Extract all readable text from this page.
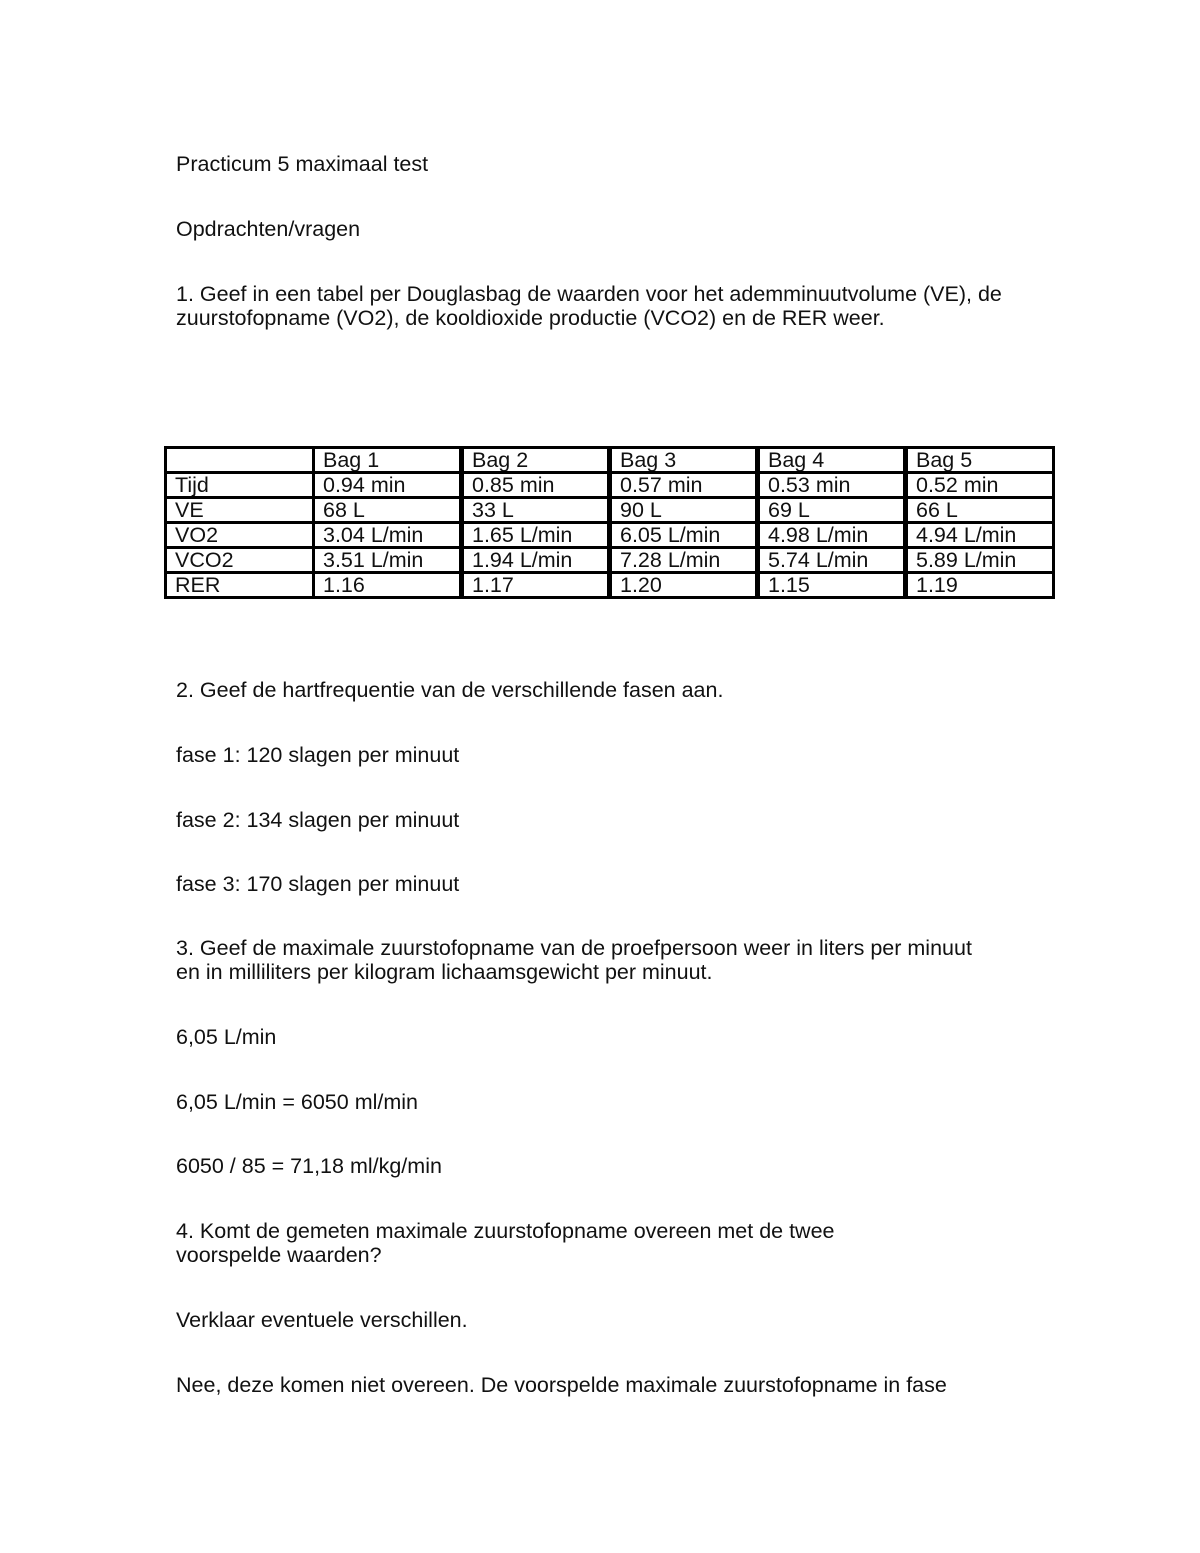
Practicum 5 maximaal test

Opdrachten/vragen

1. Geef in een tabel per Douglasbag de waarden voor het ademminuutvolume (VE), de zuurstofopname (VO2), de kooldioxide productie (VCO2) en de RER weer.

	Bag 1	Bag 2	Bag 3	Bag 4	Bag 5
Tijd	0.94 min	0.85 min	0.57 min	0.53 min	0.52 min
VE	68 L	33 L	90 L	69 L	66 L
VO2	3.04 L/min	1.65 L/min	6.05 L/min	4.98 L/min	4.94 L/min
VCO2	3.51 L/min	1.94 L/min	7.28 L/min	5.74 L/min	5.89 L/min
RER	1.16	1.17	1.20	1.15	1.19

2. Geef de hartfrequentie van de verschillende fasen aan.

fase 1: 120 slagen per minuut

fase 2: 134 slagen per minuut

fase 3: 170 slagen per minuut

3. Geef de maximale zuurstofopname van de proefpersoon weer in liters per minuut en in milliliters per kilogram lichaamsgewicht per minuut.

6,05 L/min

6,05 L/min = 6050 ml/min

6050 / 85 = 71,18 ml/kg/min

4. Komt de gemeten maximale zuurstofopname overeen met de twee voorspelde waarden?

Verklaar eventuele verschillen.

Nee, deze komen niet overeen. De voorspelde maximale zuurstofopname in fase
